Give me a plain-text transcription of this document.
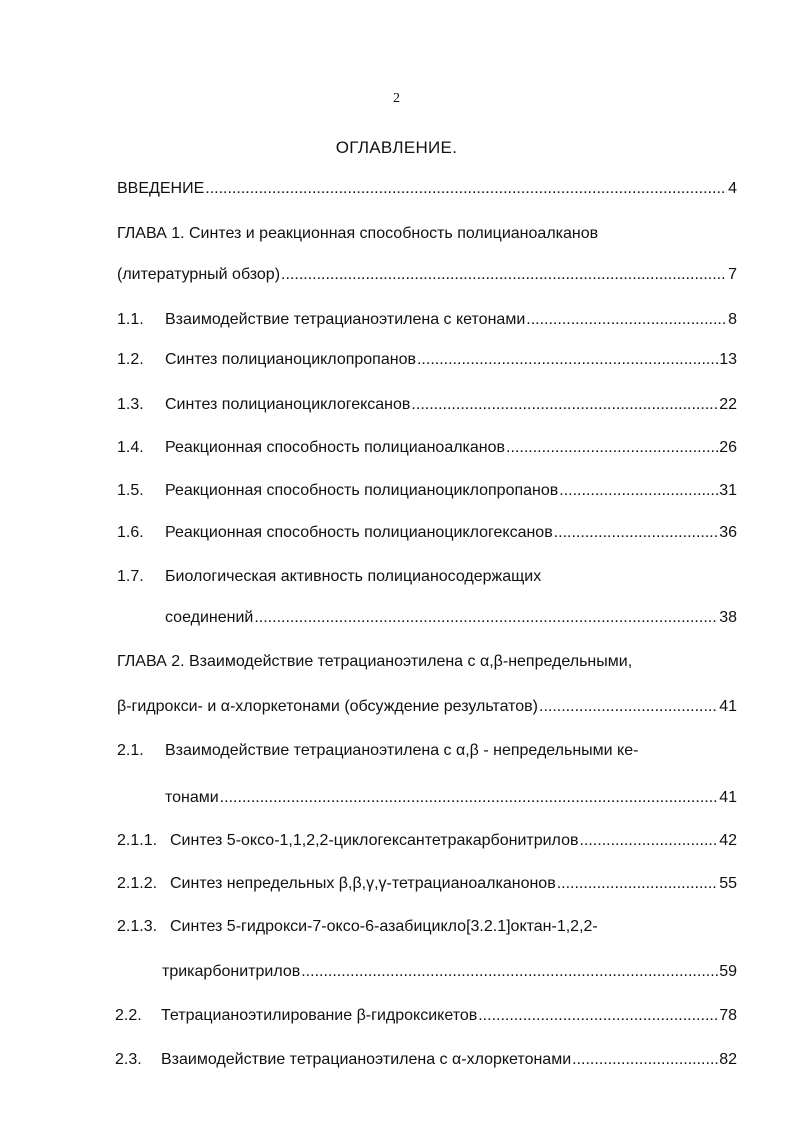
2
ОГЛАВЛЕНИЕ.
ВВЕДЕНИЕ .....	4
ГЛАВА 1. Синтез и реакционная способность полицианоалканов
(литературный обзор) .....	7
1.1.	Взаимодействие тетрацианоэтилена с кетонами .....	8
1.2.	Синтез полицианоциклопропанов .....	13
1.3.	Синтез полицианоциклогексанов .....	22
1.4.	Реакционная способность полицианоалканов .....	26
1.5.	Реакционная способность полицианоциклопропанов .....	31
1.6.	Реакционная способность полицианоциклогексанов .....	36
1.7.	Биологическая активность полицианосодержащих
соединений .....	38
ГЛАВА 2. Взаимодействие тетрацианоэтилена с α,β-непредельными,
β-гидрокси- и α-хлоркетонами (обсуждение результатов) .....	41
2.1.	Взаимодействие тетрацианоэтилена с α,β - непредельными ке-
тонами .....	41
2.1.1. Синтез 5-оксо-1,1,2,2-циклогексантетракарбонитрилов .....	42
2.1.2. Синтез непредельных β,β,γ,γ-тетрацианоалканонов .....	55
2.1.3. Синтез 5-гидрокси-7-оксо-6-азабицикло[3.2.1]октан-1,2,2-
трикарбонитрилов .....	59
2.2.	Тетрацианоэтилирование β-гидроксикетов .....	78
2.3.	Взаимодействие тетрацианоэтилена с α-хлоркетонами .....	82
